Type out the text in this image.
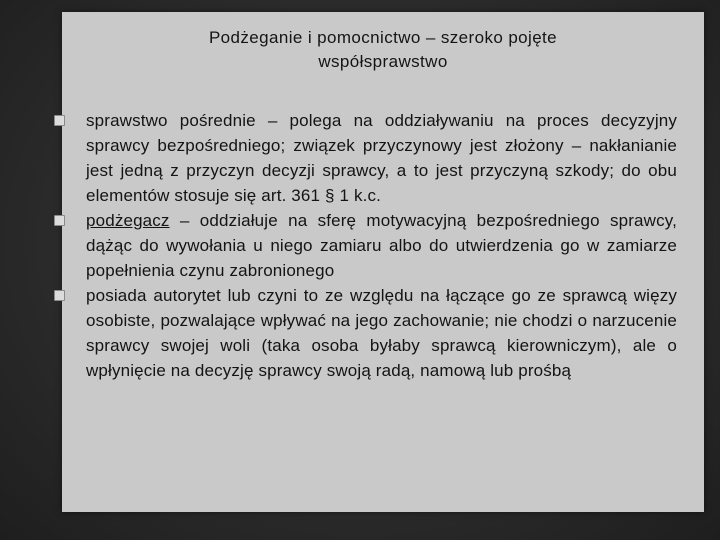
Podżeganie i pomocnictwo – szeroko pojęte
współsprawstwo
sprawstwo pośrednie – polega na oddziaływaniu na proces decyzyjny sprawcy bezpośredniego; związek przyczynowy jest złożony – nakłanianie jest jedną z przyczyn decyzji sprawcy, a to jest przyczyną szkody; do obu elementów stosuje się art. 361 § 1 k.c.
podżegacz – oddziałuje na sferę motywacyjną bezpośredniego sprawcy, dążąc do wywołania u niego zamiaru albo do utwierdzenia go w zamiarze popełnienia czynu zabronionego
posiada autorytet lub czyni to ze względu na łączące go ze sprawcą więzy osobiste, pozwalające wpływać na jego zachowanie; nie chodzi o narzucenie sprawcy swojej woli (taka osoba byłaby sprawcą kierowniczym), ale o wpłynięcie na decyzję sprawcy swoją radą, namową lub prośbą
